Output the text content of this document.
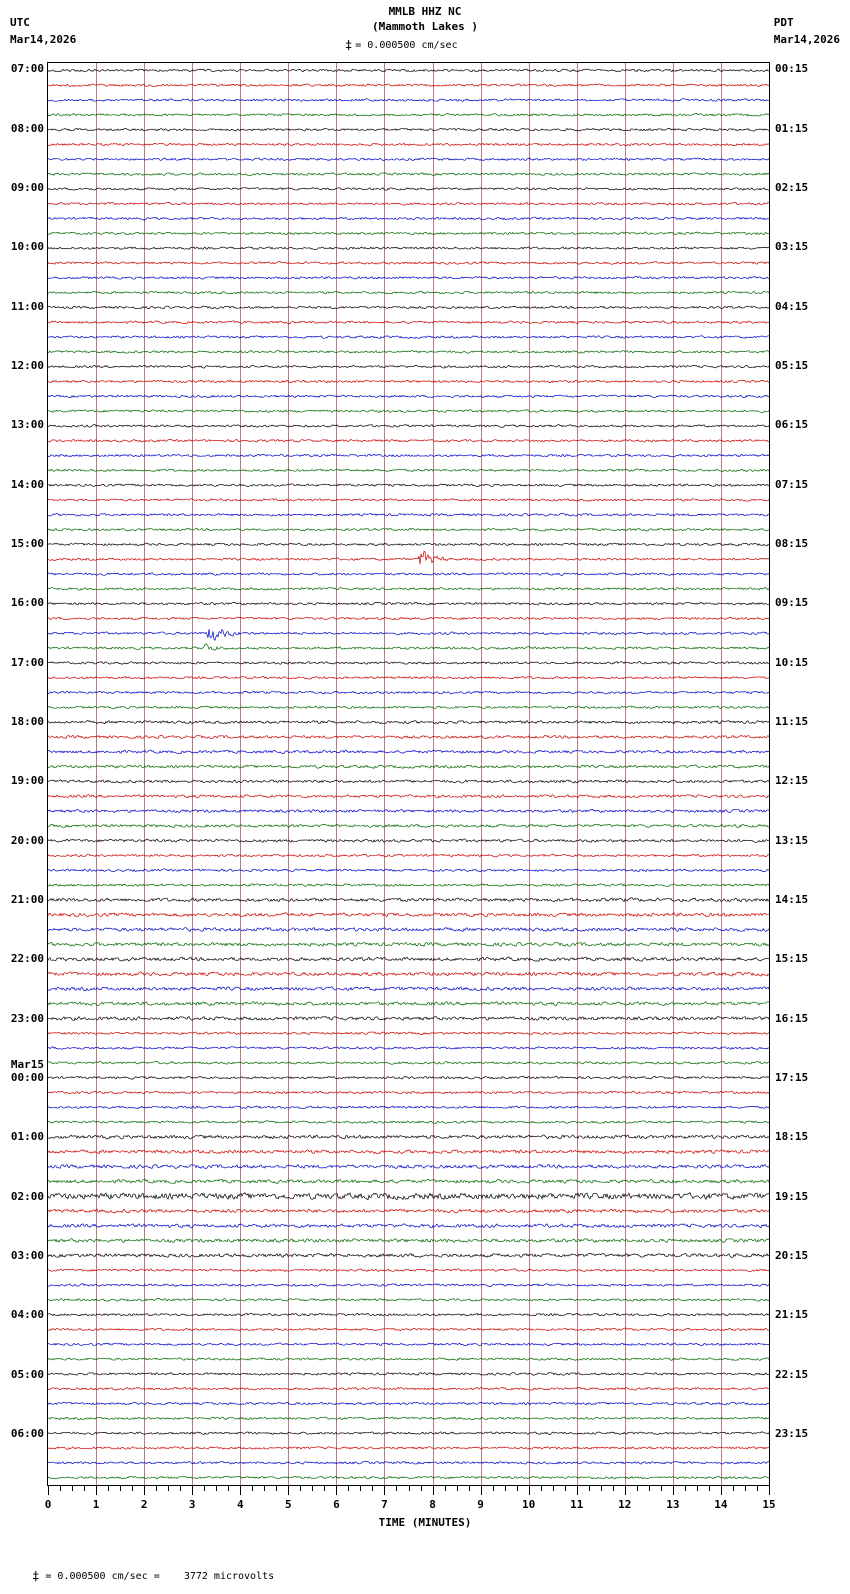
UTC
Mar14,2026
MMLB HHZ NC
(Mammoth Lakes )
‡ = 0.000500 cm/sec
PDT
Mar14,2026
07:00
08:00
09:00
10:00
11:00
12:00
13:00
14:00
15:00
16:00
17:00
18:00
19:00
20:00
21:00
22:00
23:00
00:00
Mar15
01:00
02:00
03:00
04:00
05:00
06:00
00:15
01:15
02:15
03:15
04:15
05:15
06:15
07:15
08:15
09:15
10:15
11:15
12:15
13:15
14:15
15:15
16:15
17:15
18:15
19:15
20:15
21:15
22:15
23:15
0	1	2	3	4	5	6	7	8	9	10	11	12	13	14	15
TIME (MINUTES)

‡ = 0.000500 cm/sec =    3772 microvolts
